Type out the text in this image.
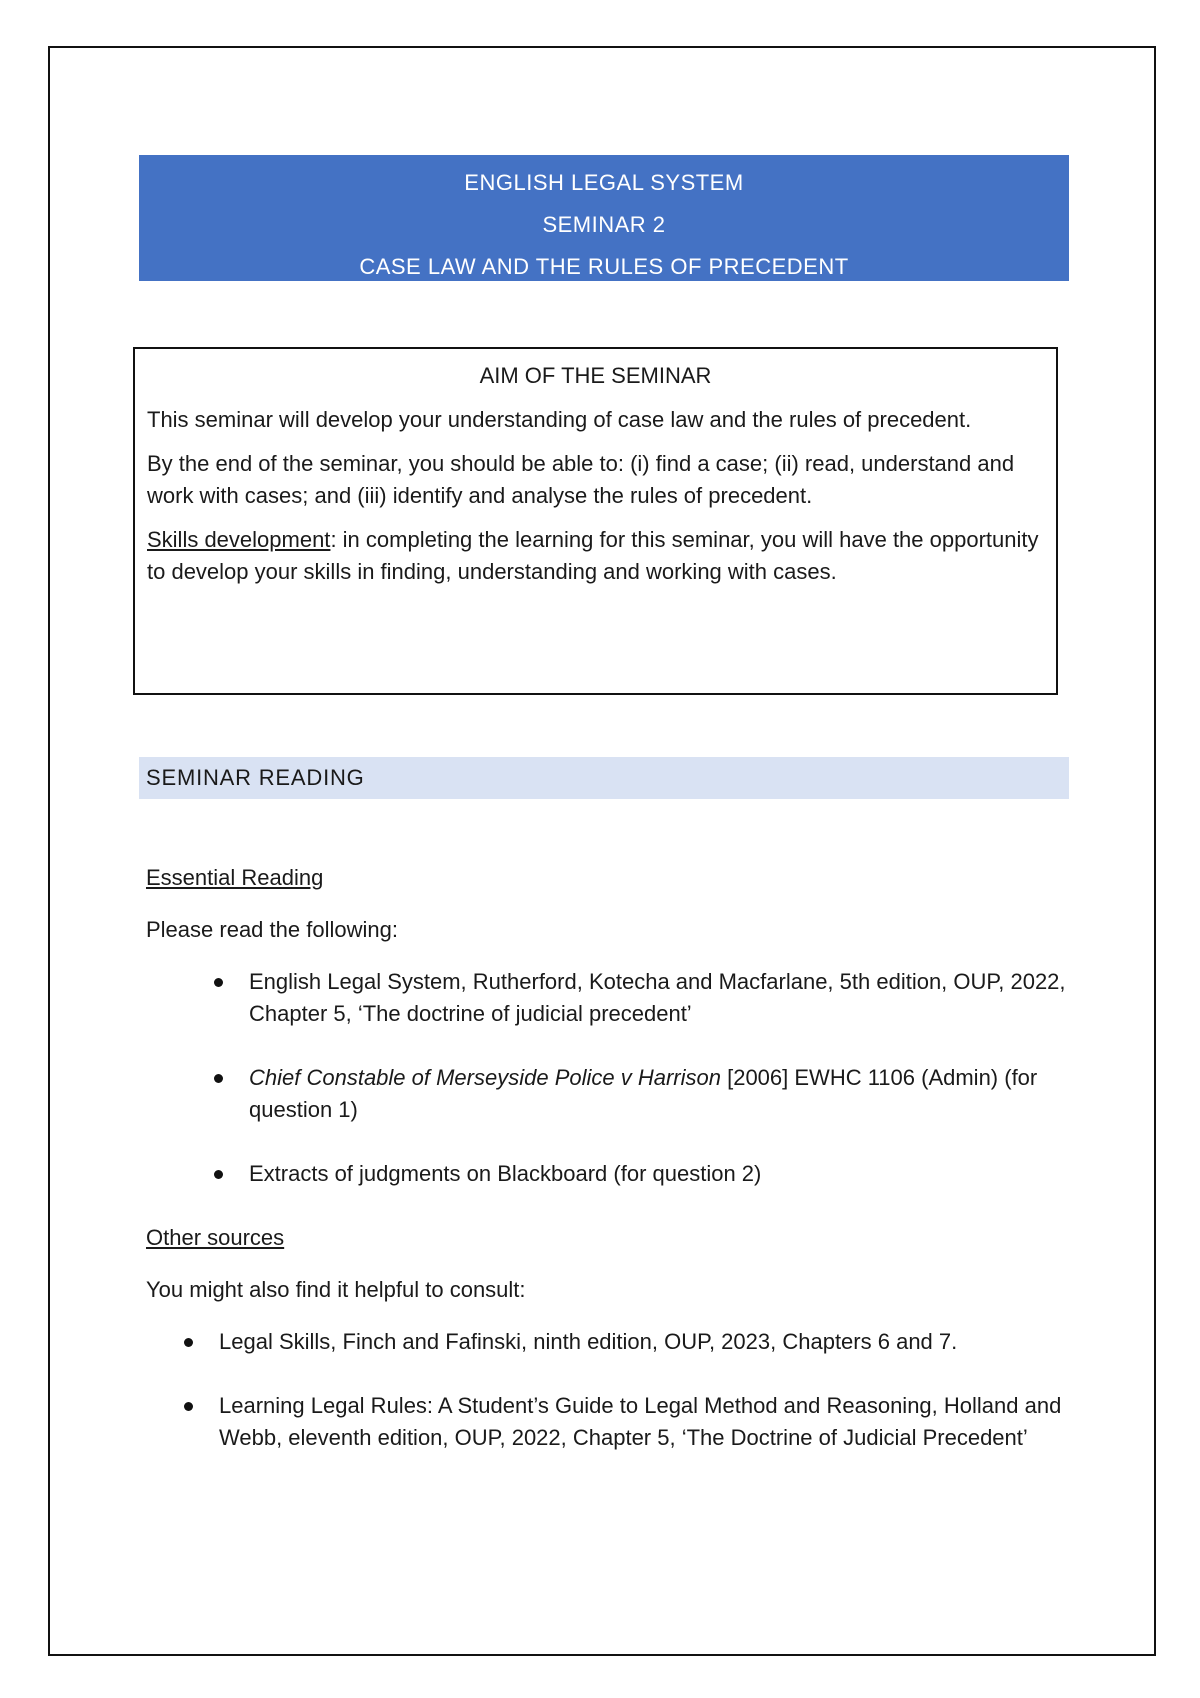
ENGLISH LEGAL SYSTEM
SEMINAR 2
CASE LAW AND THE RULES OF PRECEDENT
AIM OF THE SEMINAR

This seminar will develop your understanding of case law and the rules of precedent.

By the end of the seminar, you should be able to: (i) find a case; (ii) read, understand and work with cases; and (iii) identify and analyse the rules of precedent.

Skills development: in completing the learning for this seminar, you will have the opportunity to develop your skills in finding, understanding and working with cases.

SEMINAR READING
Essential Reading
Please read the following:
English Legal System, Rutherford, Kotecha and Macfarlane, 5th edition, OUP, 2022, Chapter 5, ‘The doctrine of judicial precedent’
Chief Constable of Merseyside Police v Harrison [2006] EWHC 1106 (Admin) (for question 1)
Extracts of judgments on Blackboard (for question 2)
Other sources
You might also find it helpful to consult:
Legal Skills, Finch and Fafinski, ninth edition, OUP, 2023, Chapters 6 and 7.
Learning Legal Rules: A Student’s Guide to Legal Method and Reasoning, Holland and Webb, eleventh edition, OUP, 2022, Chapter 5, ‘The Doctrine of Judicial Precedent’
